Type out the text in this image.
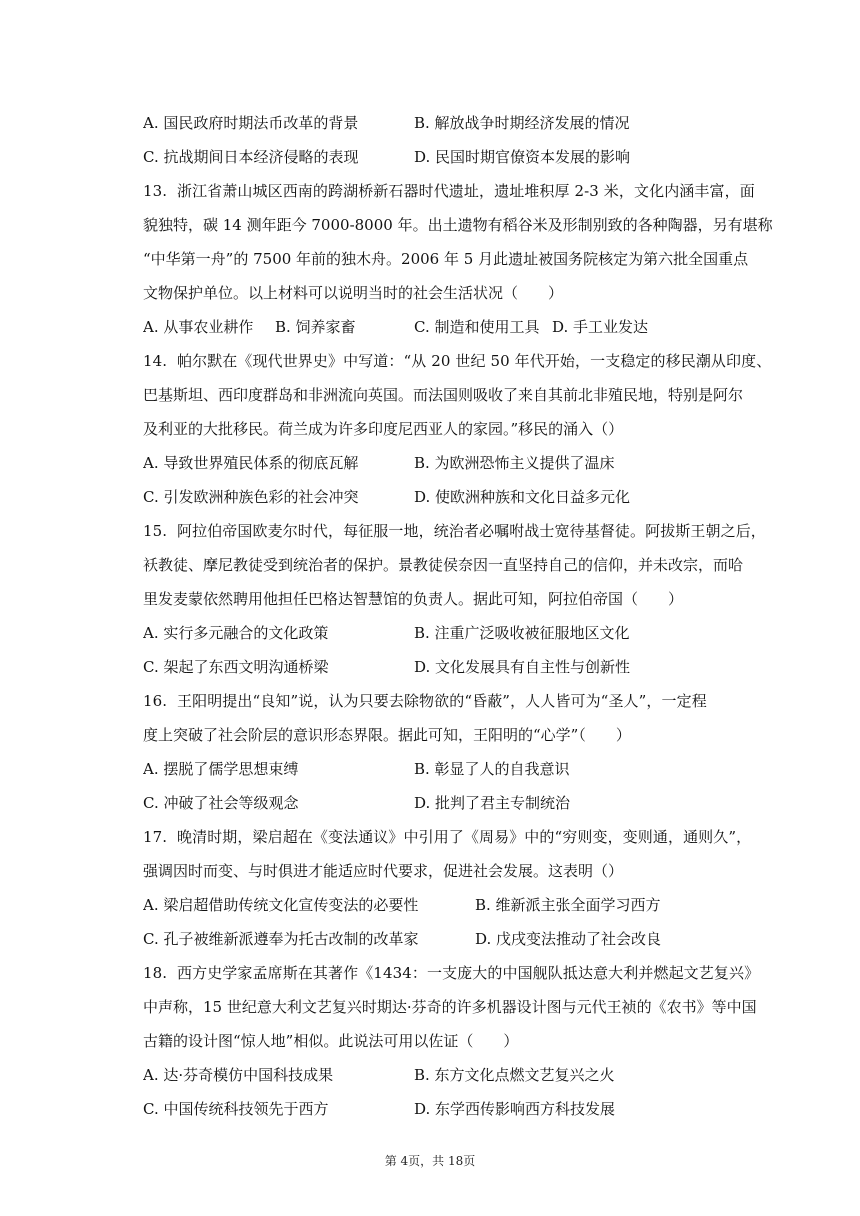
A. 国民政府时期法币改革的背景	B. 解放战争时期经济发展的情况
C. 抗战期间日本经济侵略的表现	D. 民国时期官僚资本发展的影响
13. 浙江省萧山城区西南的跨湖桥新石器时代遗址，遗址堆积厚 2-3 米，文化内涵丰富，面
貌独特，碳 14 测年距今 7000-8000 年。出土遗物有稻谷米及形制别致的各种陶器，另有堪称
“中华第一舟”的 7500 年前的独木舟。2006 年 5 月此遗址被国务院核定为第六批全国重点
文物保护单位。以上材料可以说明当时的社会生活状况（　　）
A. 从事农业耕作 B. 饲养家畜	C. 制造和使用工具 D. 手工业发达
14. 帕尔默在《现代世界史》中写道：“从 20 世纪 50 年代开始，一支稳定的移民潮从印度、
巴基斯坦、西印度群岛和非洲流向英国。而法国则吸收了来自其前北非殖民地，特别是阿尔
及利亚的大批移民。荷兰成为许多印度尼西亚人的家园。”移民的涌入（）
A. 导致世界殖民体系的彻底瓦解	B. 为欧洲恐怖主义提供了温床
C. 引发欧洲种族色彩的社会冲突	D. 使欧洲种族和文化日益多元化
15. 阿拉伯帝国欧麦尔时代，每征服一地，统治者必嘱咐战士宽待基督徒。阿拔斯王朝之后，
袄教徒、摩尼教徒受到统治者的保护。景教徒侯奈因一直坚持自己的信仰，并未改宗，而哈
里发麦蒙依然聘用他担任巴格达智慧馆的负责人。据此可知，阿拉伯帝国（　　）
A. 实行多元融合的文化政策	B. 注重广泛吸收被征服地区文化
C. 架起了东西文明沟通桥梁	D. 文化发展具有自主性与创新性
16. 王阳明提出“良知”说，认为只要去除物欲的“昏蔽”，人人皆可为“圣人”，一定程
度上突破了社会阶层的意识形态界限。据此可知，王阳明的“心学”（　　）
A. 摆脱了儒学思想束缚	B. 彰显了人的自我意识
C. 冲破了社会等级观念	D. 批判了君主专制统治
17. 晚清时期，梁启超在《变法通议》中引用了《周易》中的“穷则变，变则通，通则久”，
强调因时而变、与时俱进才能适应时代要求，促进社会发展。这表明（）
A. 梁启超借助传统文化宣传变法的必要性	B. 维新派主张全面学习西方
C. 孔子被维新派遵奉为托古改制的改革家	D. 戊戌变法推动了社会改良
18. 西方史学家孟席斯在其著作《1434：一支庞大的中国舰队抵达意大利并燃起文艺复兴》
中声称，15 世纪意大利文艺复兴时期达·芬奇的许多机器设计图与元代王祯的《农书》等中国
古籍的设计图“惊人地”相似。此说法可用以佐证（　　）
A. 达·芬奇模仿中国科技成果	B. 东方文化点燃文艺复兴之火
C. 中国传统科技领先于西方	D. 东学西传影响西方科技发展
第 4页，共 18页
